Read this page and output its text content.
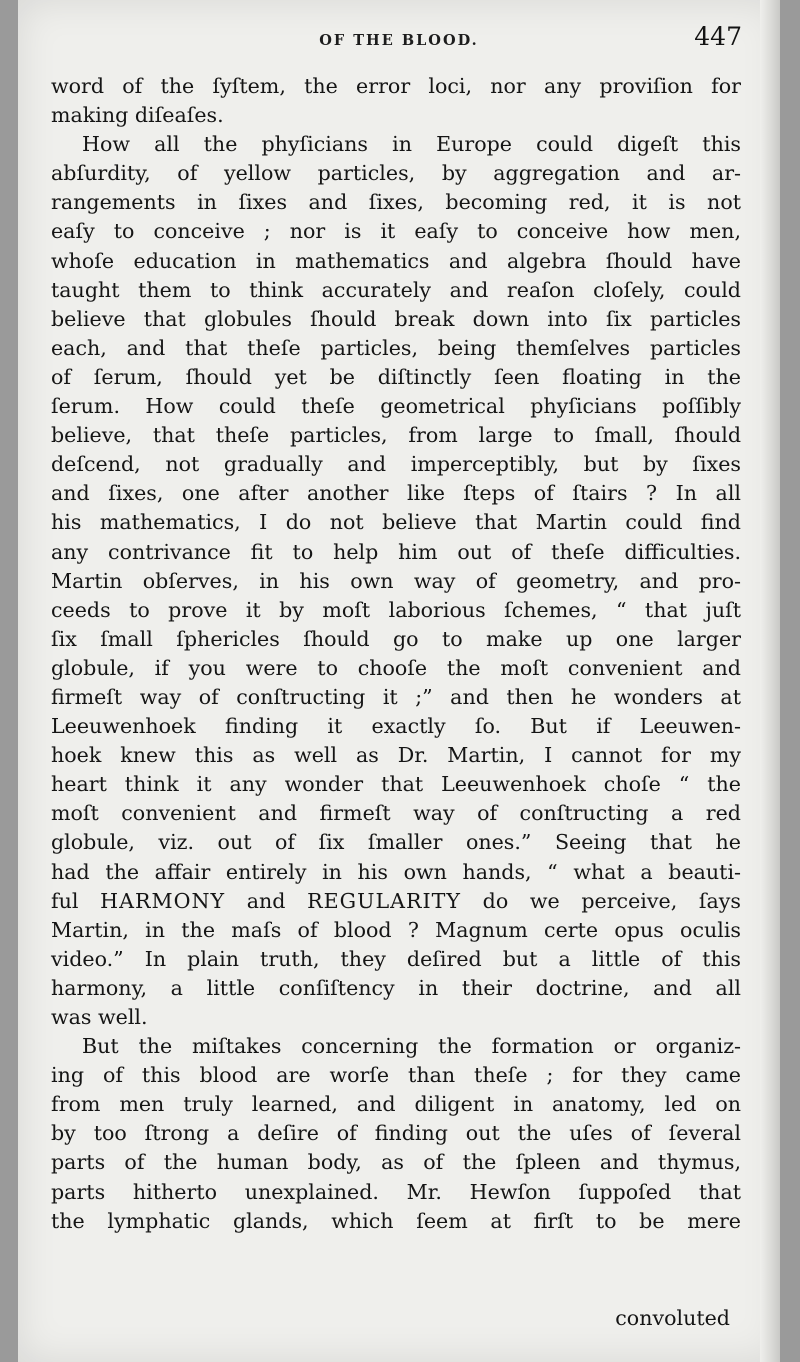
OF THE BLOOD.	447
word of the ſyſtem, the error loci, nor any proviſion for
making diſeaſes.
How all the phyſicians in Europe could digeſt this
abſurdity, of yellow particles, by aggregation and ar-
rangements in ſixes and ſixes, becoming red, it is not
eaſy to conceive ; nor is it eaſy to conceive how men,
whoſe education in mathematics and algebra ſhould have
taught them to think accurately and reaſon cloſely, could
believe that globules ſhould break down into ſix particles
each, and that theſe particles, being themſelves particles
of ſerum, ſhould yet be diſtinctly ſeen floating in the
ſerum. How could theſe geometrical phyſicians poſſibly
believe, that theſe particles, from large to ſmall, ſhould
deſcend, not gradually and imperceptibly, but by ſixes
and ſixes, one after another like ſteps of ſtairs ? In all
his mathematics, I do not believe that Martin could find
any contrivance fit to help him out of theſe difficulties.
Martin obſerves, in his own way of geometry, and pro-
ceeds to prove it by moſt laborious ſchemes, “ that juſt
ſix ſmall ſphericles ſhould go to make up one larger
globule, if you were to chooſe the moſt convenient and
firmeſt way of conſtructing it ;” and then he wonders at
Leeuwenhoek finding it exactly ſo. But if Leeuwen-
hoek knew this as well as Dr. Martin, I cannot for my
heart think it any wonder that Leeuwenhoek choſe “ the
moſt convenient and firmeſt way of conſtructing a red
globule, viz. out of ſix ſmaller ones.” Seeing that he
had the affair entirely in his own hands, “ what a beauti-
ful HARMONY and REGULARITY do we perceive, ſays
Martin, in the maſs of blood ? Magnum certe opus oculis
video.” In plain truth, they deſired but a little of this
harmony, a little conſiſtency in their doctrine, and all
was well.
But the miſtakes concerning the formation or organiz-
ing of this blood are worſe than theſe ; for they came
from men truly learned, and diligent in anatomy, led on
by too ſtrong a deſire of finding out the uſes of ſeveral
parts of the human body, as of the ſpleen and thymus,
parts hitherto unexplained. Mr. Hewſon ſuppoſed that
the lymphatic glands, which ſeem at firſt to be mere
convoluted
